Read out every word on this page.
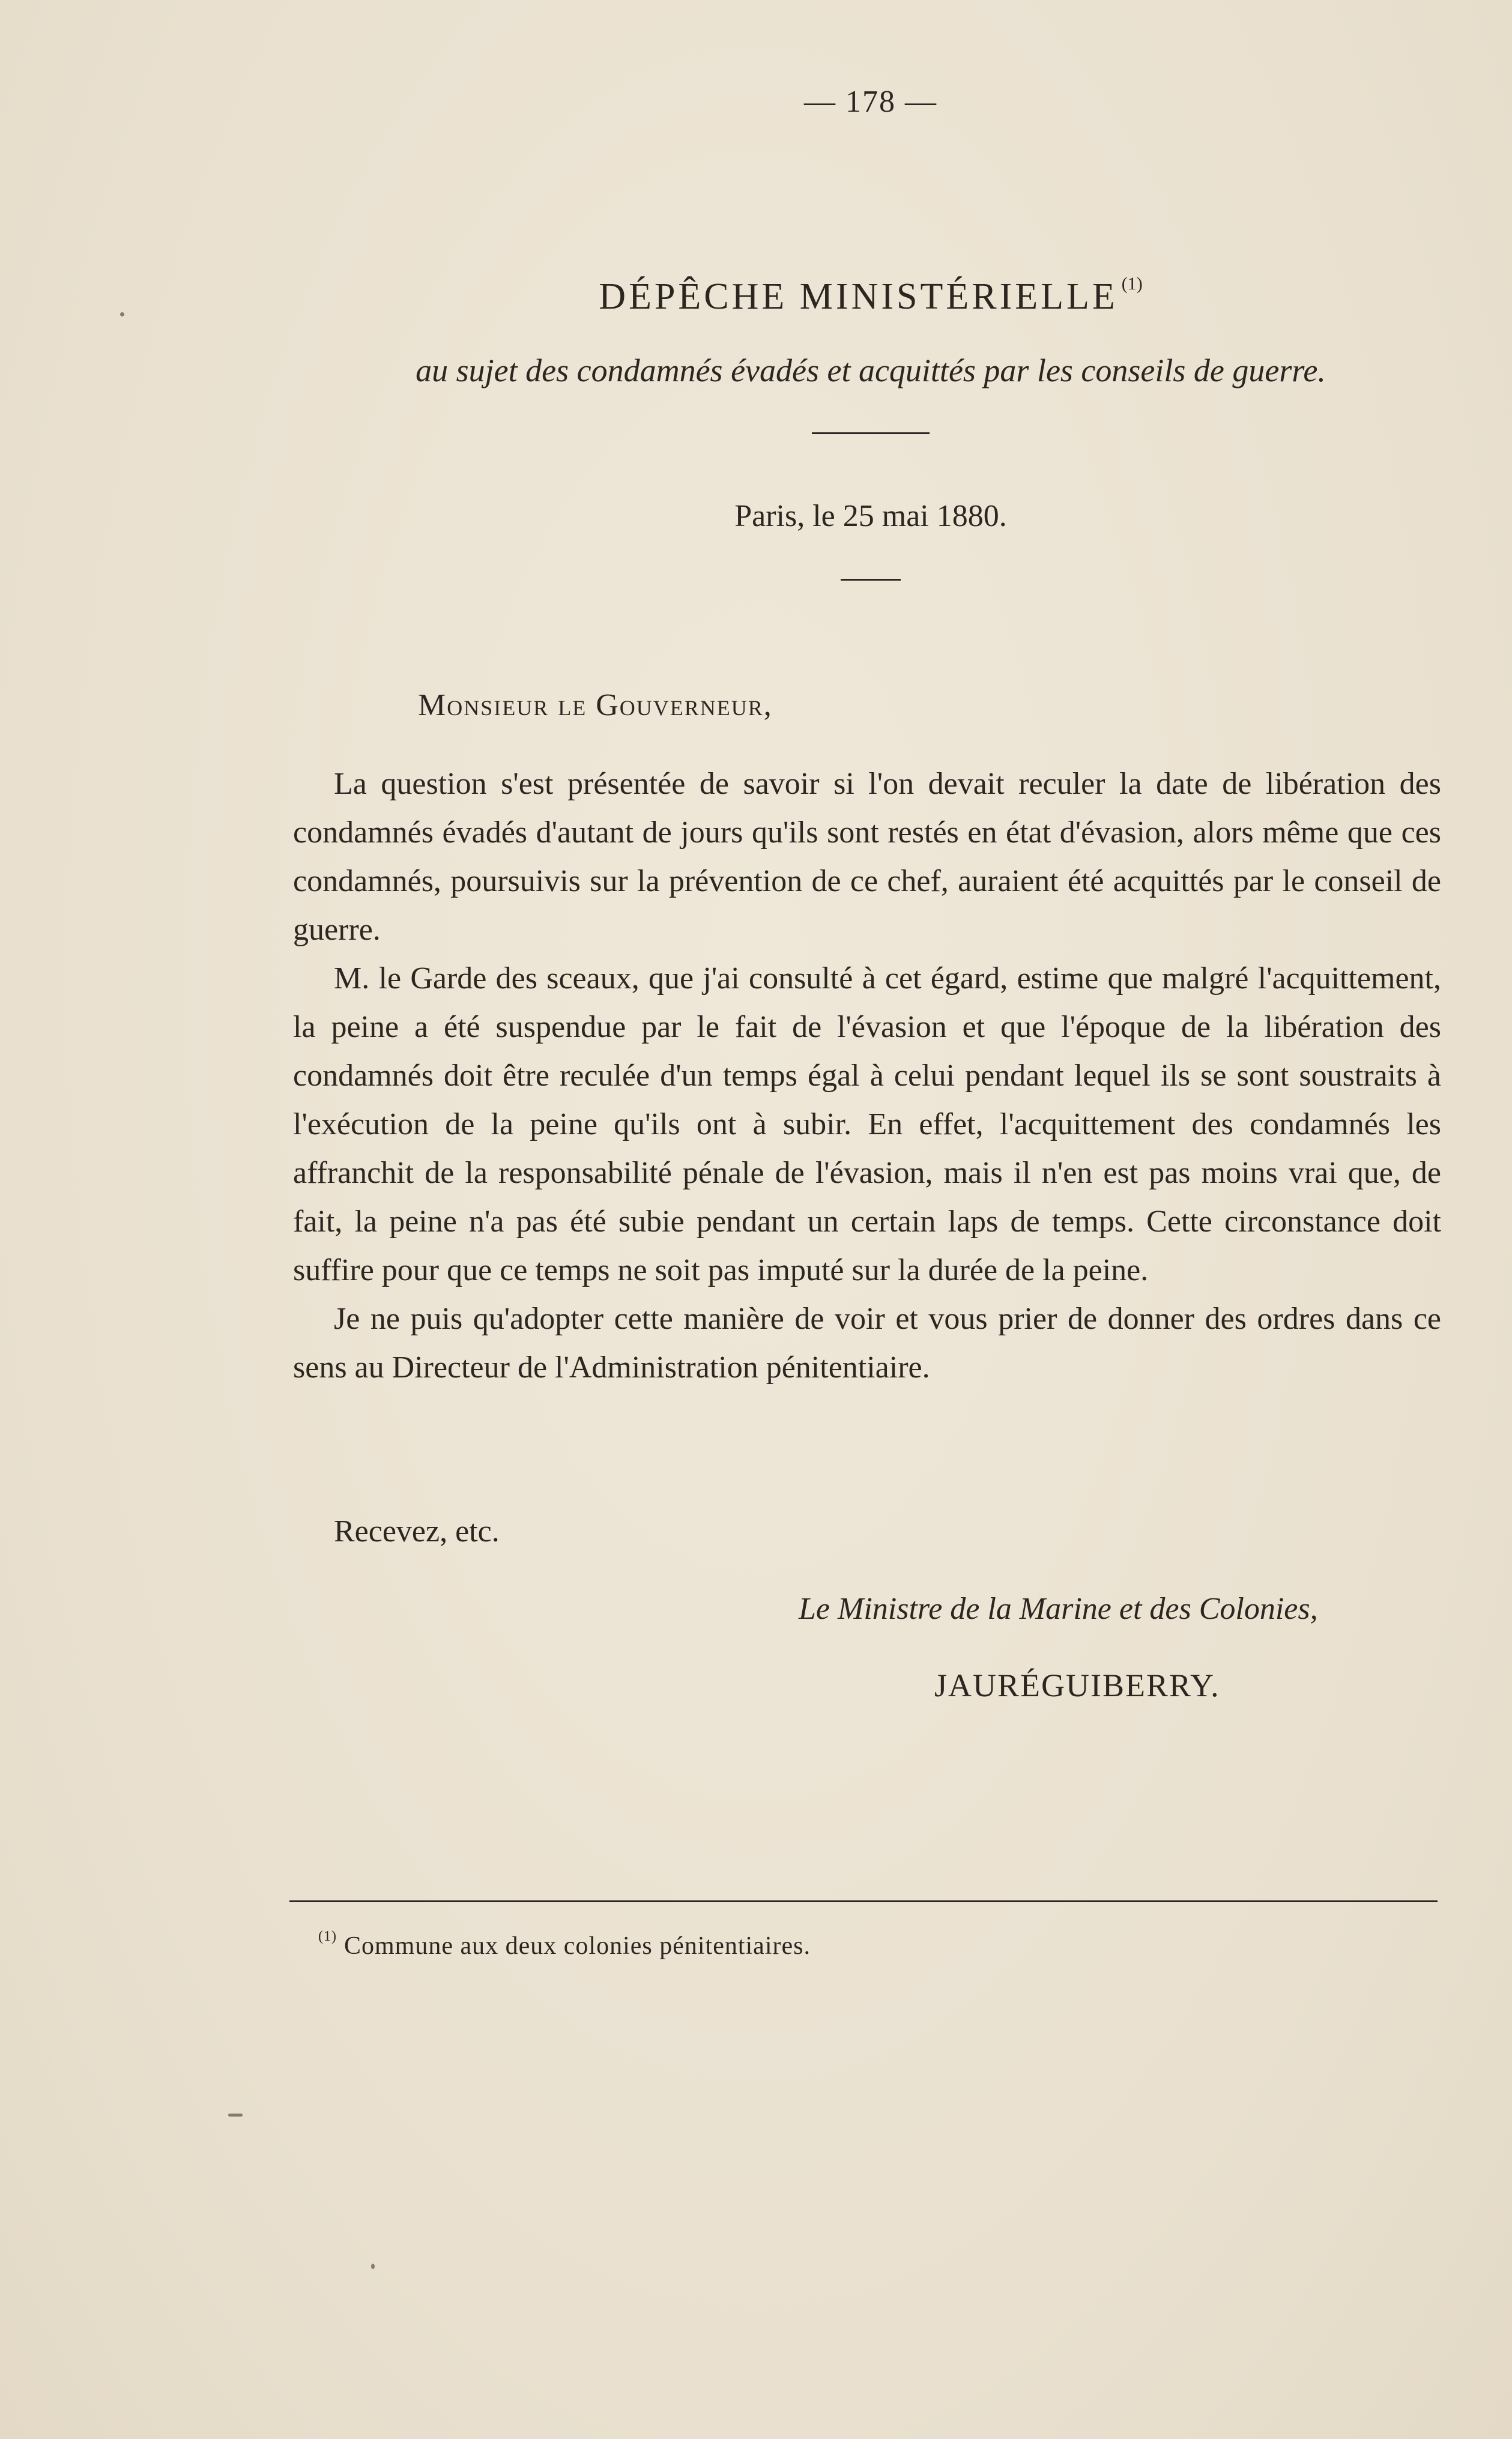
— 178 —
DÉPÊCHE MINISTÉRIELLE $^{(1)}$
au sujet des condamnés évadés et acquittés par les conseils de guerre.
Paris, le 25 mai 1880.
Monsieur le Gouverneur,

La question s'est présentée de savoir si l'on devait reculer la date de libération des condamnés évadés d'autant de jours qu'ils sont restés en état d'évasion, alors même que ces condamnés, poursuivis sur la prévention de ce chef, auraient été acquittés par le conseil de guerre.

M. le Garde des sceaux, que j'ai consulté à cet égard, estime que malgré l'acquittement, la peine a été suspendue par le fait de l'évasion et que l'époque de la libération des condamnés doit être reculée d'un temps égal à celui pendant lequel ils se sont soustraits à l'exécution de la peine qu'ils ont à subir. En effet, l'acquittement des condamnés les affranchit de la responsabilité pénale de l'évasion, mais il n'en est pas moins vrai que, de fait, la peine n'a pas été subie pendant un certain laps de temps. Cette circonstance doit suffire pour que ce temps ne soit pas imputé sur la durée de la peine.

Je ne puis qu'adopter cette manière de voir et vous prier de donner des ordres dans ce sens au Directeur de l'Administration pénitentiaire.

Recevez, etc.
Le Ministre de la Marine et des Colonies,
JAURÉGUIBERRY.
$^{(1)}$ Commune aux deux colonies pénitentiaires.
